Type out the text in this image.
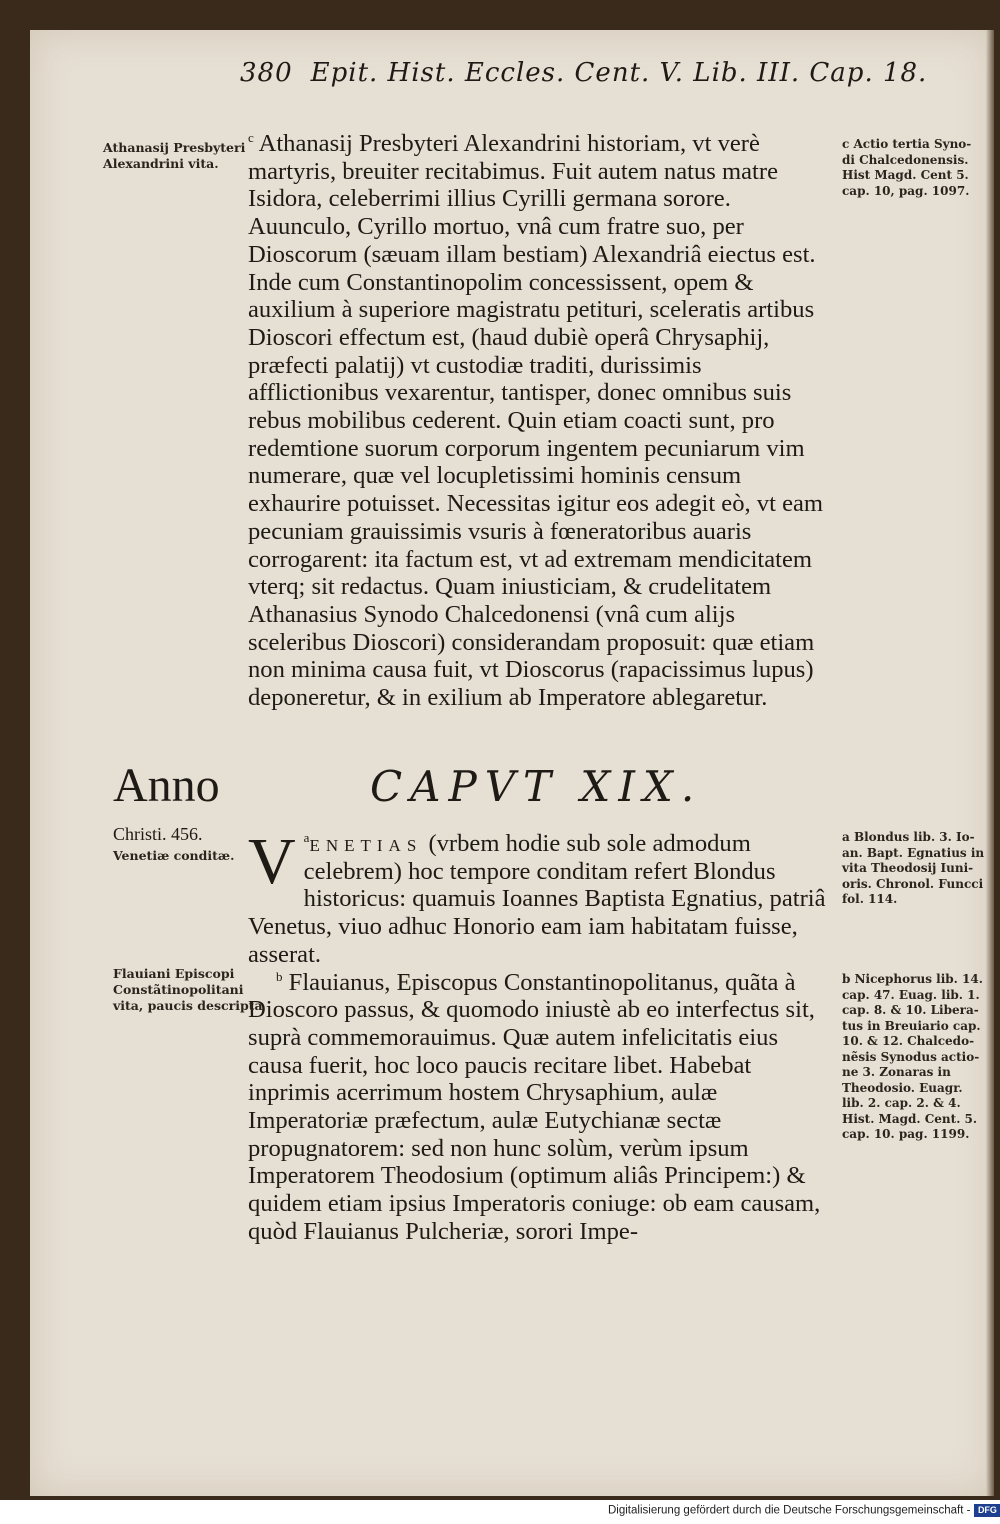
380 Epit. Hist. Eccles. Cent. V. Lib. III. Cap. 18.
Athanasij Presbyteri Alexandrini vita.

$^c$ Athanasij Presbyteri Alexandrini historiam, vt verè martyris, breuiter recitabimus. Fuit autem natus matre Isidora, celeberrimi illius Cyrilli germana sorore. Auunculo, Cyrillo mortuo, vnâ cum fratre suo, per Dioscorum (sæuam illam bestiam) Alexandriâ eiectus est. Inde cum Constantinopolim concessissent, opem & auxilium à superiore magistratu petituri, sceleratis artibus Dioscori effectum est, (haud dubiè operâ Chrysaphij, præfecti palatij) vt custodiæ traditi, durissimis afflictionibus vexarentur, tantisper, donec omnibus suis rebus mobilibus cederent. Quin etiam coacti sunt, pro redemtione suorum corporum ingentem pecuniarum vim numerare, quæ vel locupletissimi hominis censum exhaurire potuisset. Necessitas igitur eos adegit eò, vt eam pecuniam grauissimis vsuris à fœneratoribus auaris corrogarent: ita factum est, vt ad extremam mendicitatem vterq; sit redactus. Quam iniusticiam, & crudelitatem Athanasius Synodo Chalcedonensi (vnâ cum alijs sceleribus Dioscori) considerandam proposuit: quæ etiam non minima causa fuit, vt Dioscorus (rapacissimus lupus) deponeretur, & in exilium ab Imperatore ablegaretur.

Anno	CAPVT XIX.
Christi. 456.
Venetiæ conditæ.

$^a$
V enetias (vrbem hodie sub sole admodum celebrem) hoc tempore conditam refert Blondus historicus: quamuis Ioannes Baptista Egnatius, patriâ Venetus, viuo adhuc Honorio eam iam habitatam fuisse, asserat.

$^b$ Flauianus, Episcopus Constantinopolitanus, quãta à Dioscoro passus, & quomodo iniustè ab eo interfectus sit, suprà commemorauimus. Quæ autem infelicitatis eius causa fuerit, hoc loco paucis recitare libet. Habebat inprimis acerrimum hostem Chrysaphium, aulæ Imperatoriæ præfectum, aulæ Eutychianæ sectæ propugnatorem: sed non hunc solùm, verùm ipsum Imperatorem Theodosium (optimum aliâs Principem:) & quidem etiam ipsius Imperatoris coniuge: ob eam causam, quòd Flauianus Pulcheriæ, sorori Impe-

Flauiani Episcopi Constãtinopolitani vita, paucis descripta
c Actio tertia Syno-
di Chalcedonensis.
Hist Magd. Cent 5.
cap. 10, pag. 1097.
a Blondus lib. 3. Io-
an. Bapt. Egnatius in
vita Theodosij Iuni-
oris. Chronol. Funcci
fol. 114.
b Nicephorus lib. 14.
cap. 47. Euag. lib. 1.
cap. 8. & 10. Libera-
tus in Breuiario cap.
10. & 12. Chalcedo-
nẽsis Synodus actio-
ne 3. Zonaras in
Theodosio. Euagr.
lib. 2. cap. 2. & 4.
Hist. Magd. Cent. 5.
cap. 10. pag. 1199.
Digitalisierung gefördert durch die Deutsche Forschungsgemeinschaft - DFG
